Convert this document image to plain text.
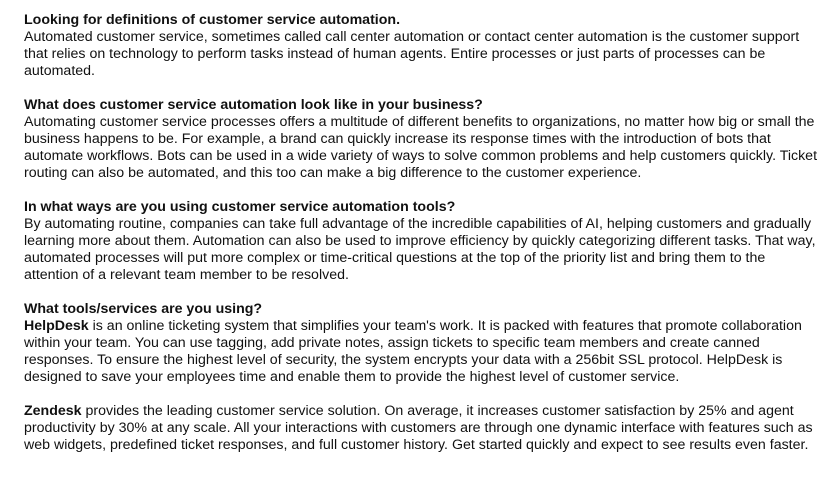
Looking for definitions of customer service automation.

Automated customer service, sometimes called call center automation or contact center automation is the customer support that relies on technology to perform tasks instead of human agents. Entire processes or just parts of processes can be automated.

What does customer service automation look like in your business?

Automating customer service processes offers a multitude of different benefits to organizations, no matter how big or small the business happens to be. For example, a brand can quickly increase its response times with the introduction of bots that automate workflows. Bots can be used in a wide variety of ways to solve common problems and help customers quickly. Ticket routing can also be automated, and this too can make a big difference to the customer experience.

In what ways are you using customer service automation tools?

By automating routine, companies can take full advantage of the incredible capabilities of AI, helping customers and gradually learning more about them. Automation can also be used to improve efficiency by quickly categorizing different tasks. That way, automated processes will put more complex or time-critical questions at the top of the priority list and bring them to the attention of a relevant team member to be resolved.

What tools/services are you using?

HelpDesk is an online ticketing system that simplifies your team's work. It is packed with features that promote collaboration within your team. You can use tagging, add private notes, assign tickets to specific team members and create canned responses. To ensure the highest level of security, the system encrypts your data with a 256bit SSL protocol. HelpDesk is designed to save your employees time and enable them to provide the highest level of customer service.

Zendesk provides the leading customer service solution. On average, it increases customer satisfaction by 25% and agent productivity by 30% at any scale. All your interactions with customers are through one dynamic interface with features such as web widgets, predefined ticket responses, and full customer history. Get started quickly and expect to see results even faster.
